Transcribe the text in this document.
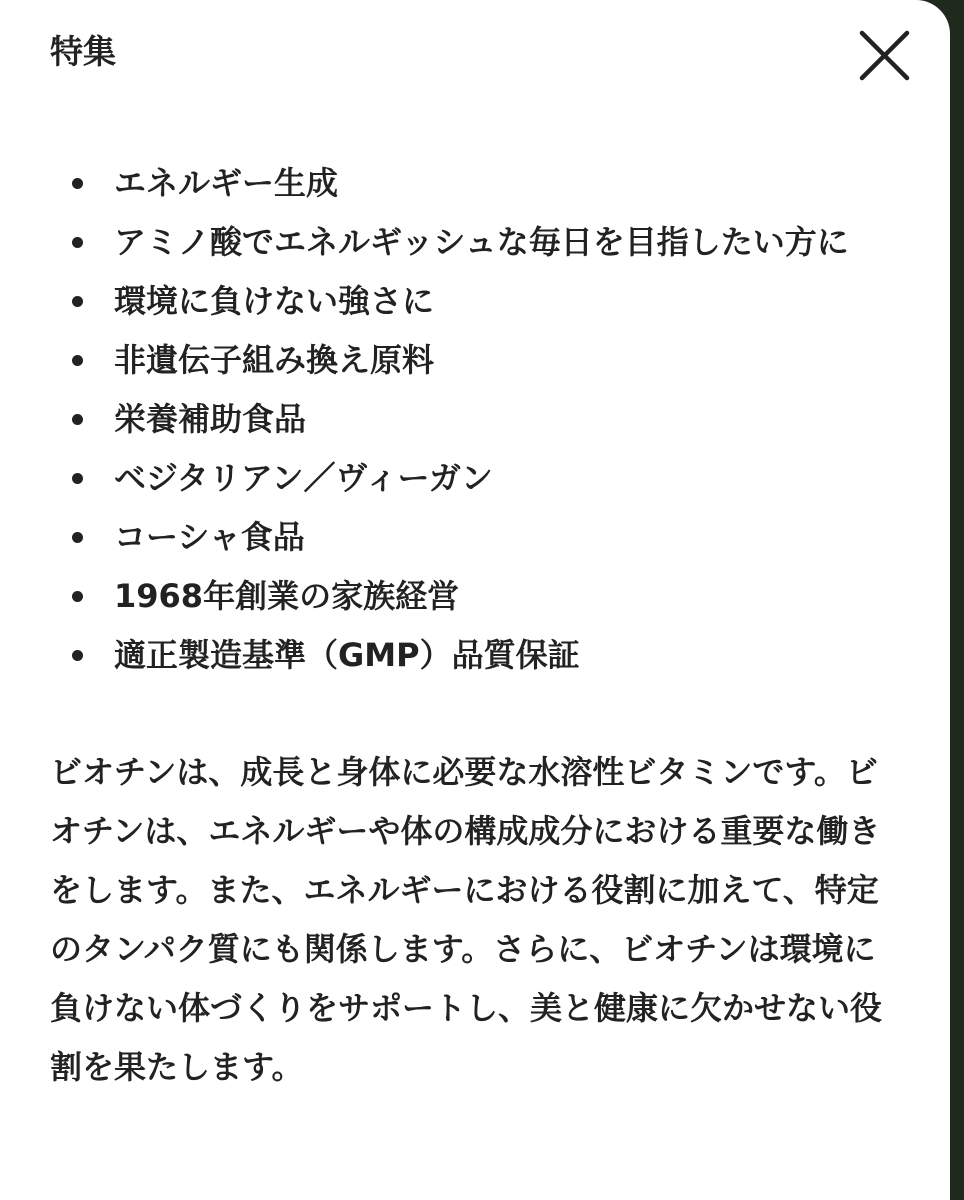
特集
エネルギー生成
アミノ酸でエネルギッシュな毎日を目指したい方に
環境に負けない強さに
非遺伝子組み換え原料
栄養補助食品
ベジタリアン／ヴィーガン
コーシャ食品
1968年創業の家族経営
適正製造基準（GMP）品質保証

ビオチンは、成長と身体に必要な水溶性ビタミンです。ビオチンは、エネルギーや体の構成成分における重要な働きをします。また、エネルギーにおける役割に加えて、特定のタンパク質にも関係します。さらに、ビオチンは環境に負けない体づくりをサポートし、美と健康に欠かせない役割を果たします。
